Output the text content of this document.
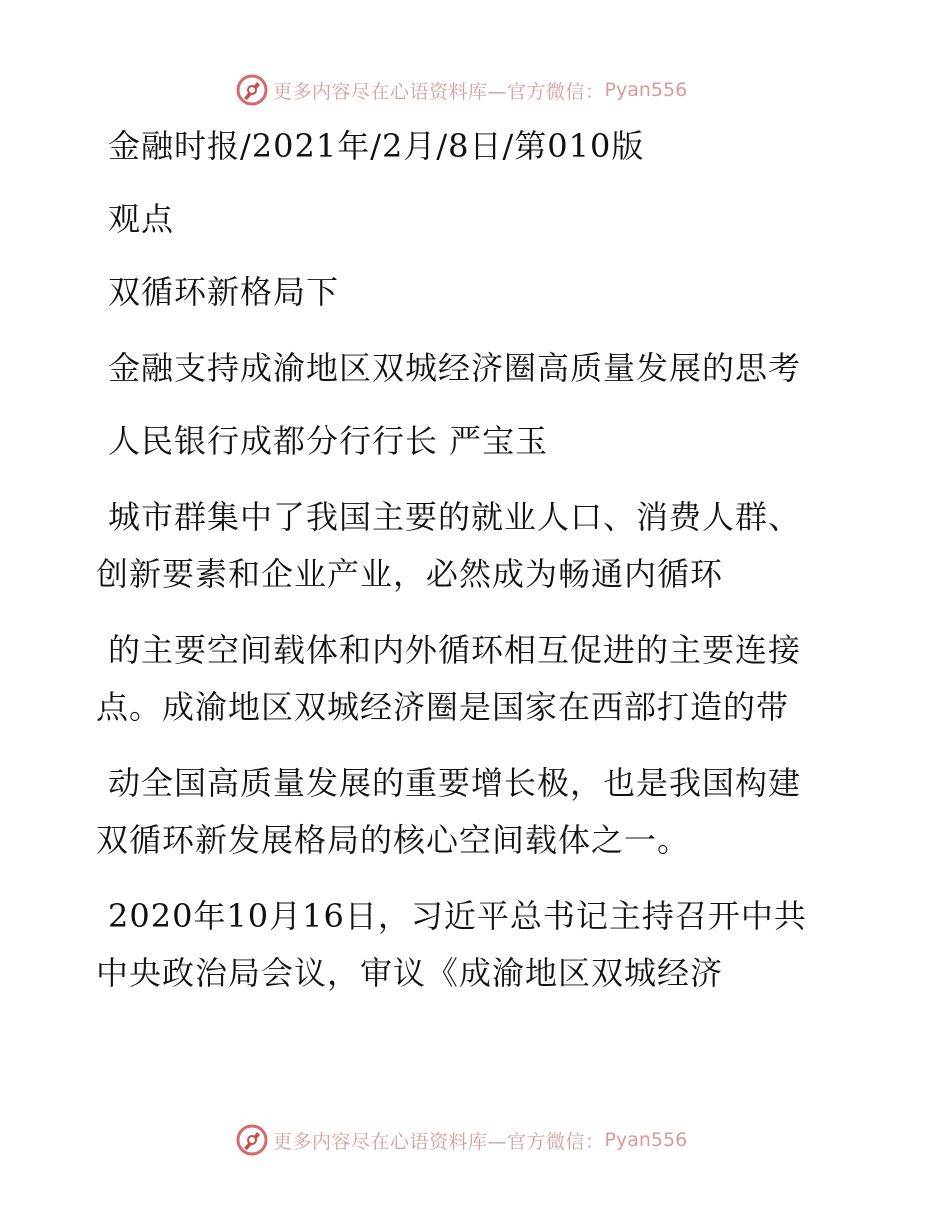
更多内容尽在心语资料库—官方微信： Pyan556
金融时报/2021年/2月/8日/第010版
观点
双循环新格局下
金融支持成渝地区双城经济圈高质量发展的思考
人民银行成都分行行长 严宝玉
城市群集中了我国主要的就业人口、消费人群、
创新要素和企业产业，必然成为畅通内循环
的主要空间载体和内外循环相互促进的主要连接
点。成渝地区双城经济圈是国家在西部打造的带
动全国高质量发展的重要增长极，也是我国构建
双循环新发展格局的核心空间载体之一。
2020年10月16日，习近平总书记主持召开中共
中央政治局会议，审议《成渝地区双城经济
更多内容尽在心语资料库—官方微信： Pyan556
